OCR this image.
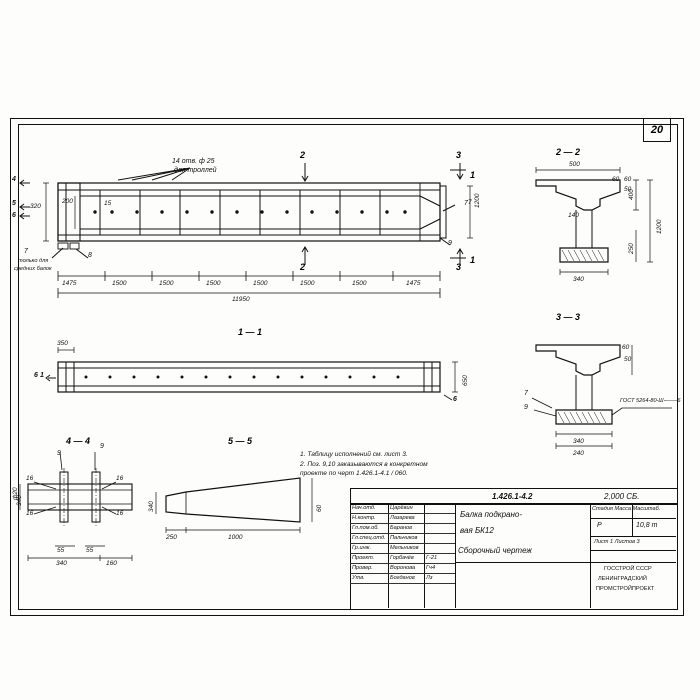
20
14 отв. ф 25
для троллей
2
2
3
3
1
1
4
5
6
7
только для
средних балок
8
7
9
320
200	15	7 1200
1475	1500	1500	1500	1500	1500	1500	1475
11950
1 — 1
350
650
6 1
6
2 — 2
500
400
140
250
340
50
60
60
1200
3 — 3
340
240
50
60
7
9
ГОСТ 5264-80-Ш-───6
4 — 4
9
9
16	16
16	16
55	55
340	160
340
ф20
5 — 5
340
250	1000
60
1. Таблицу исполнений см. лист 3.
2. Поз. 9,10 заказываются в конкретном
проекте по черт 1.426.1-4.1 / 060.
1.426.1-4.2	2,000 СБ.
Нач.отд.	Царёвин
Н.контр.	Лазарева
Гл.пом.об. Баранов
Гл.спец.отд. Пальчиков
Гр.инж.	Мельников
Проект.	Горбачёв Г-21
Провер.	Воронова Гч4
Утв.	Богданов Лз
Балка подкрано-
вая БК12
Сборочный чертеж
Стадия Масса Масштаб.
Р	10,8 т
Лист 1 Листов 3
ГОССТРОЙ СССР
ЛЕНИНГРАДСКИЙ
ПРОМСТРОЙПРОЕКТ
